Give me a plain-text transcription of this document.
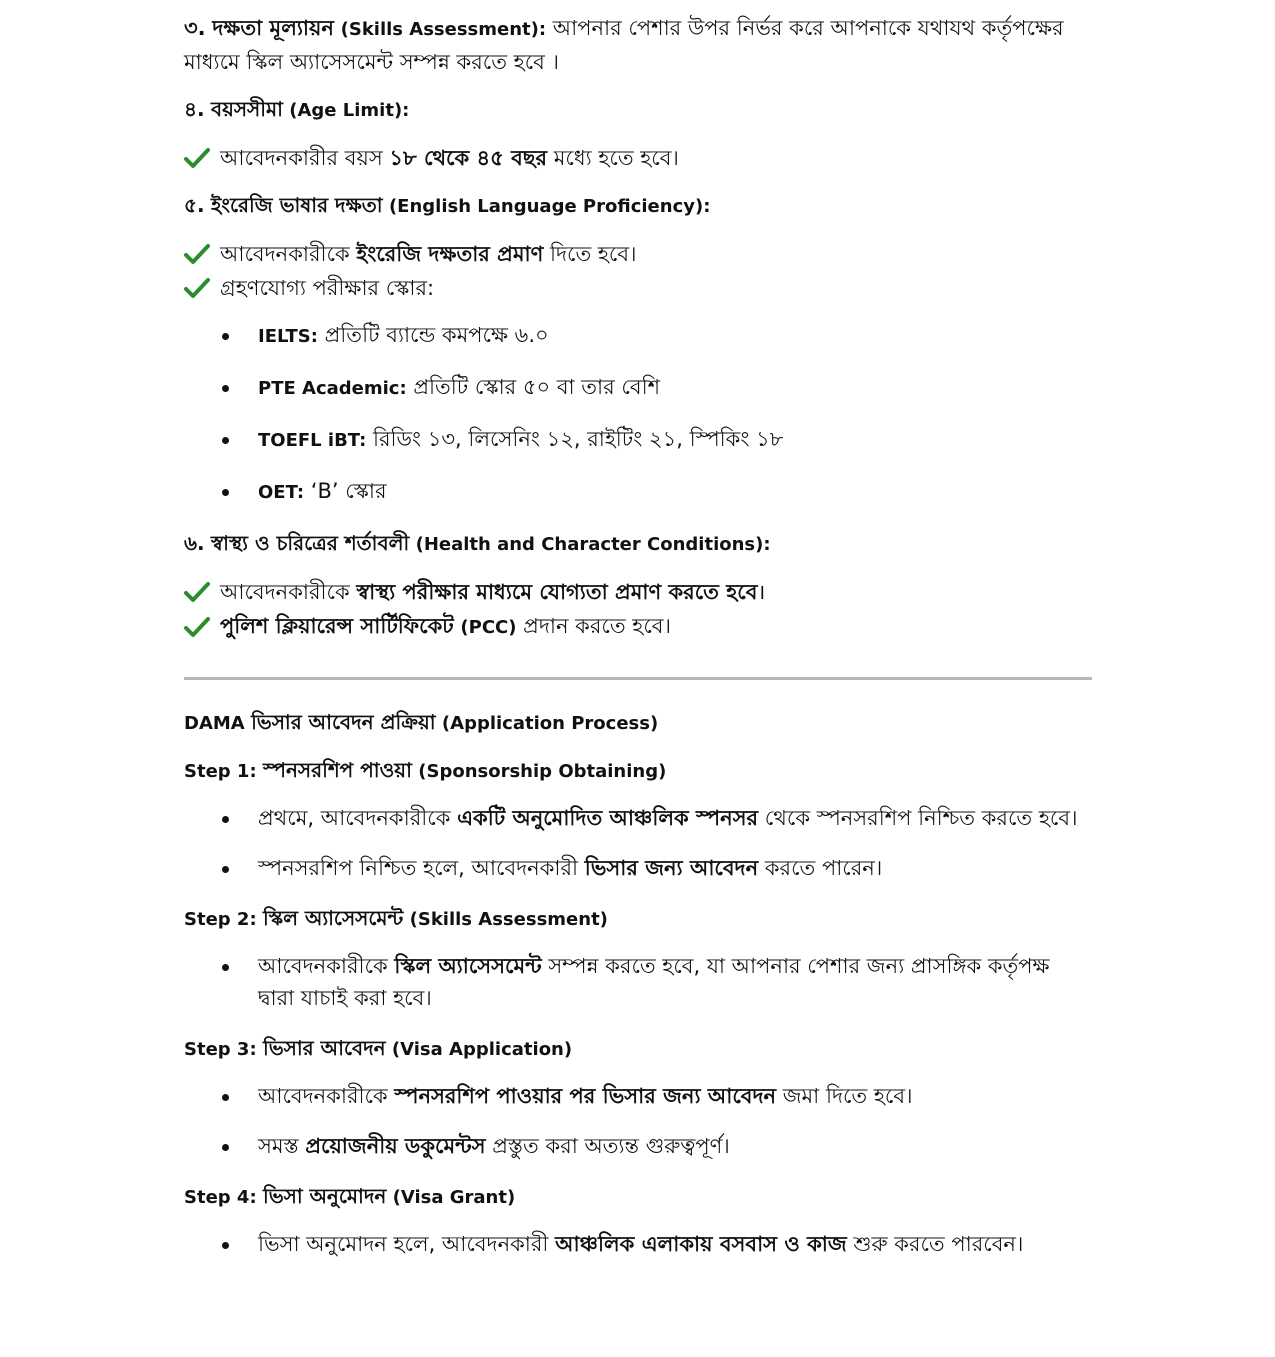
৩. দক্ষতা মূল্যায়ন (Skills Assessment): আপনার পেশার উপর নির্ভর করে আপনাকে যথাযথ কর্তৃপক্ষের মাধ্যমে স্কিল অ্যাসেসমেন্ট সম্পন্ন করতে হবে ।

৪. বয়সসীমা (Age Limit):

আবেদনকারীর বয়স ১৮ থেকে ৪৫ বছর মধ্যে হতে হবে।

৫. ইংরেজি ভাষার দক্ষতা (English Language Proficiency):

আবেদনকারীকে ইংরেজি দক্ষতার প্রমাণ দিতে হবে।

গ্রহণযোগ্য পরীক্ষার স্কোর:

IELTS: প্রতিটি ব্যান্ডে কমপক্ষে ৬.০
PTE Academic: প্রতিটি স্কোর ৫০ বা তার বেশি
TOEFL iBT: রিডিং ১৩, লিসেনিং ১২, রাইটিং ২১, স্পিকিং ১৮
OET: ‘B’ স্কোর

৬. স্বাস্থ্য ও চরিত্রের শর্তাবলী (Health and Character Conditions):

আবেদনকারীকে স্বাস্থ্য পরীক্ষার মাধ্যমে যোগ্যতা প্রমাণ করতে হবে।

পুলিশ ক্লিয়ারেন্স সার্টিফিকেট (PCC) প্রদান করতে হবে।

DAMA ভিসার আবেদন প্রক্রিয়া (Application Process)

Step 1: স্পনসরশিপ পাওয়া (Sponsorship Obtaining)

প্রথমে, আবেদনকারীকে একটি অনুমোদিত আঞ্চলিক স্পনসর থেকে স্পনসরশিপ নিশ্চিত করতে হবে।
স্পনসরশিপ নিশ্চিত হলে, আবেদনকারী ভিসার জন্য আবেদন করতে পারেন।

Step 2: স্কিল অ্যাসেসমেন্ট (Skills Assessment)

আবেদনকারীকে স্কিল অ্যাসেসমেন্ট সম্পন্ন করতে হবে, যা আপনার পেশার জন্য প্রাসঙ্গিক কর্তৃপক্ষ দ্বারা যাচাই করা হবে।

Step 3: ভিসার আবেদন (Visa Application)

আবেদনকারীকে স্পনসরশিপ পাওয়ার পর ভিসার জন্য আবেদন জমা দিতে হবে।
সমস্ত প্রয়োজনীয় ডকুমেন্টস প্রস্তুত করা অত্যন্ত গুরুত্বপূর্ণ।

Step 4: ভিসা অনুমোদন (Visa Grant)

ভিসা অনুমোদন হলে, আবেদনকারী আঞ্চলিক এলাকায় বসবাস ও কাজ শুরু করতে পারবেন।
